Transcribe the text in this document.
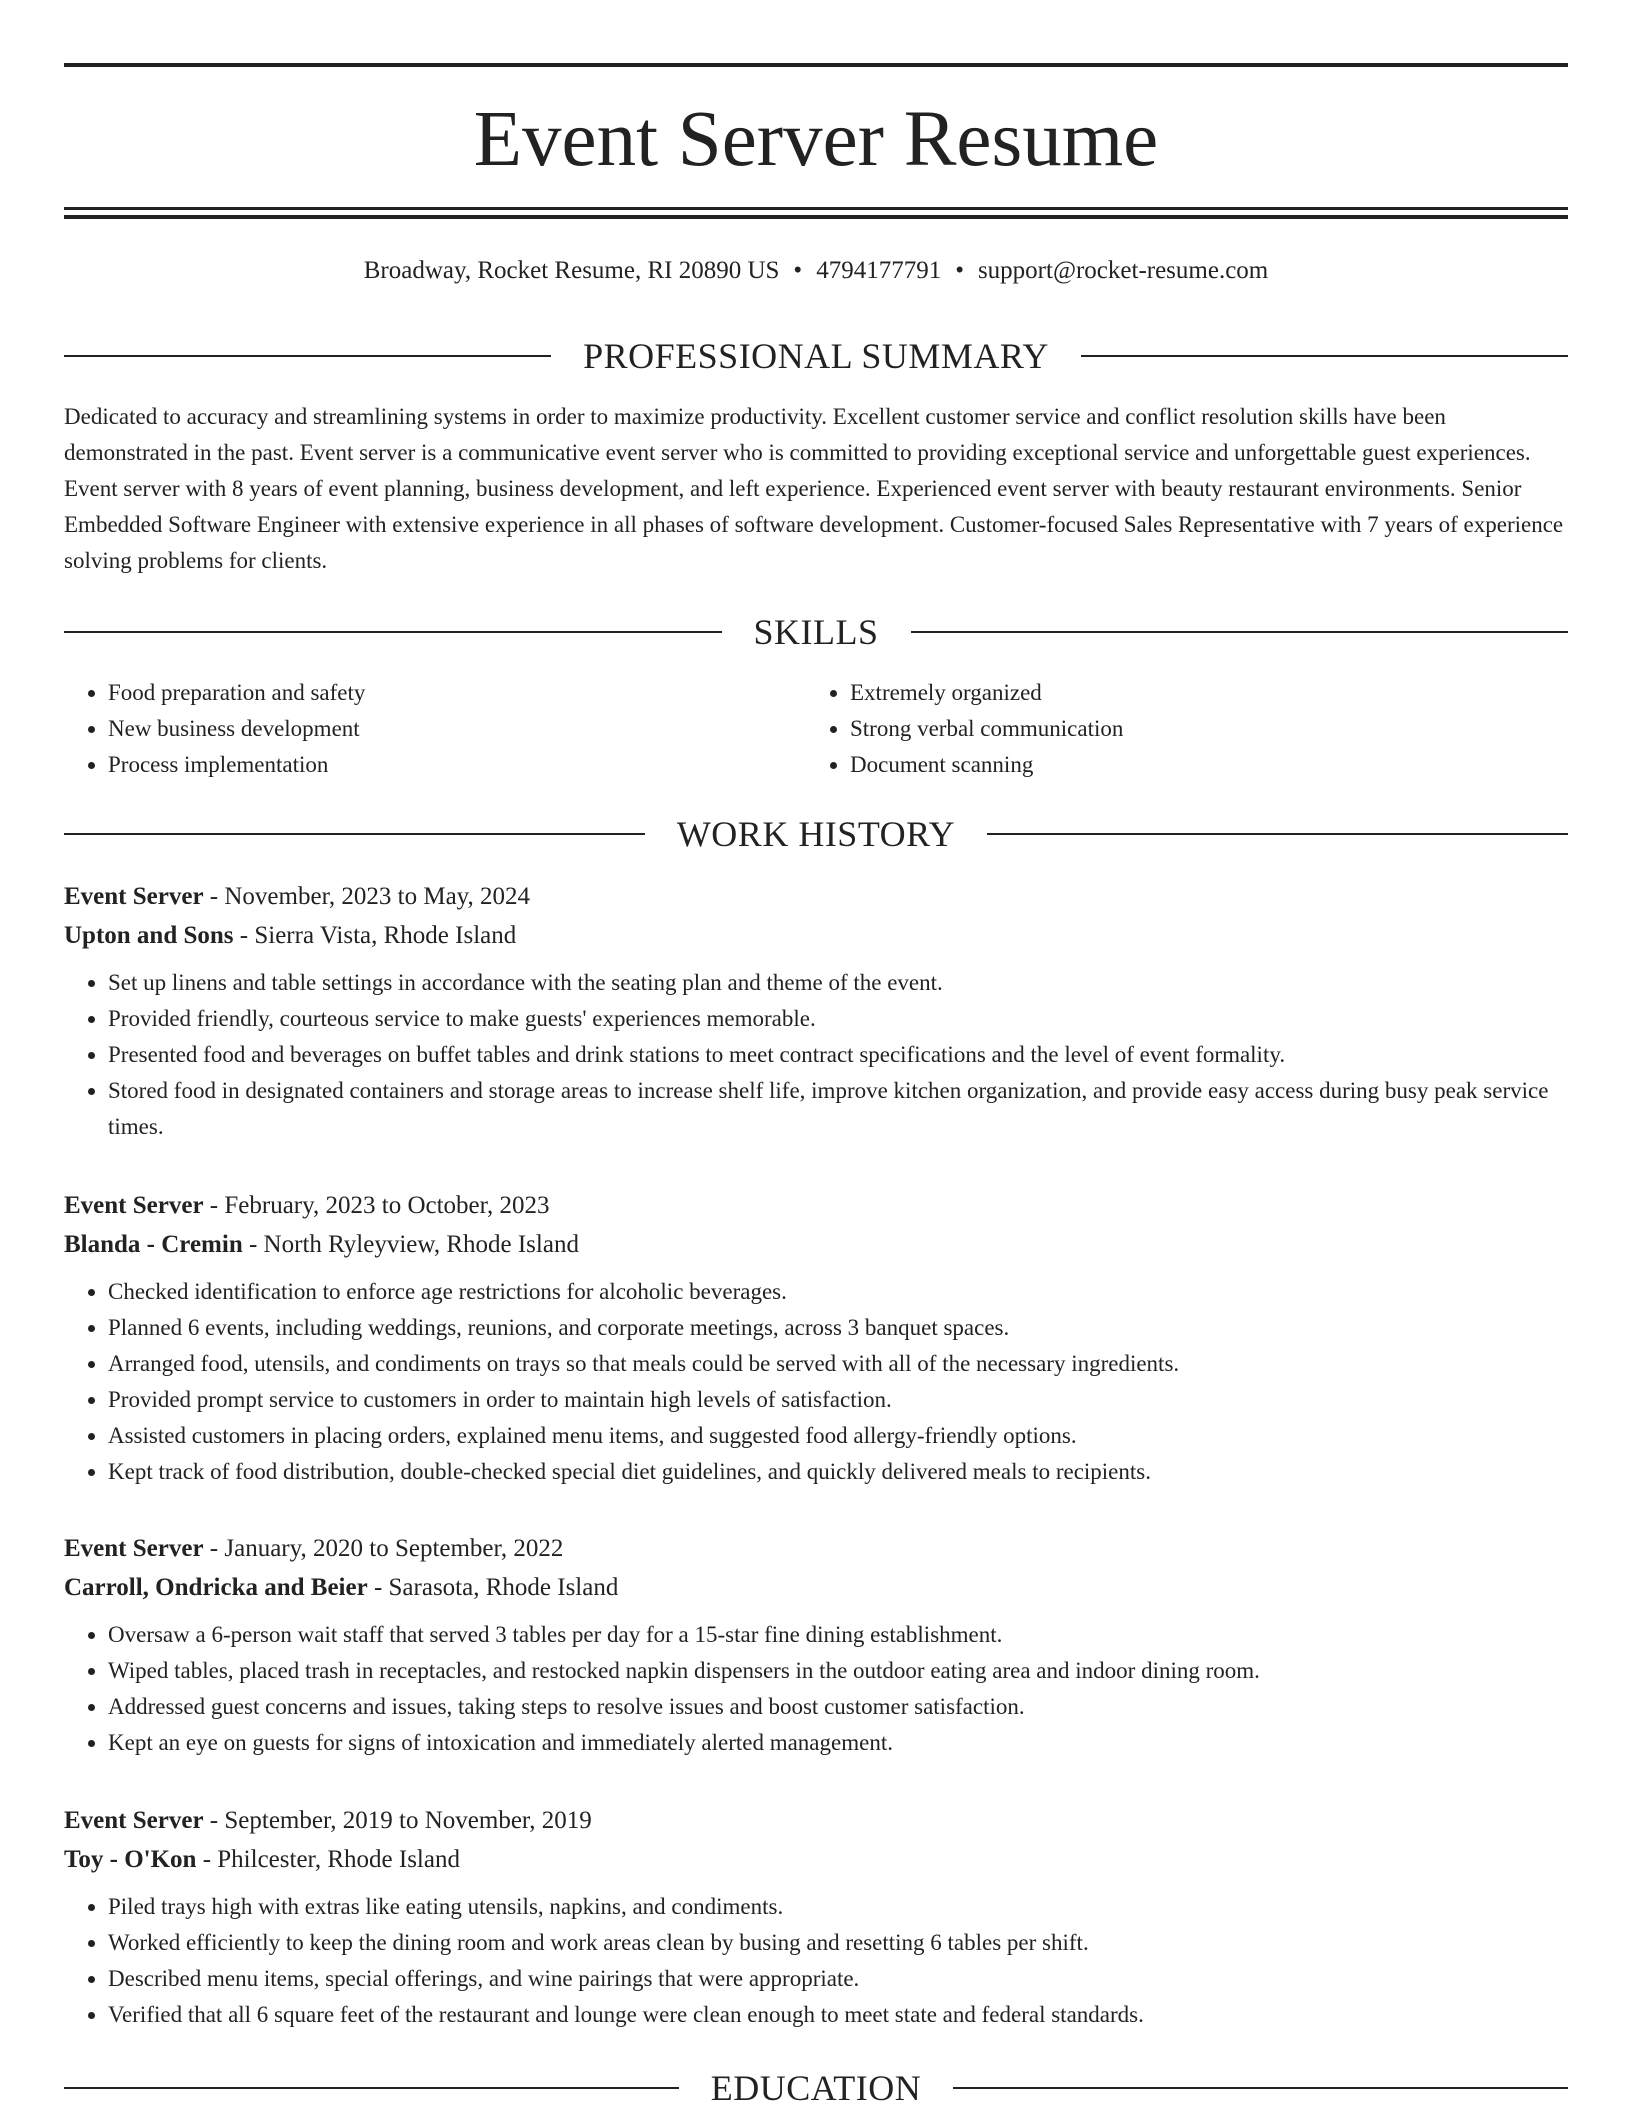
Event Server Resume
Broadway, Rocket Resume, RI 20890 US • 4794177791 • support@rocket-resume.com
PROFESSIONAL SUMMARY

Dedicated to accuracy and streamlining systems in order to maximize productivity. Excellent customer service and conflict resolution skills have been demonstrated in the past. Event server is a communicative event server who is committed to providing exceptional service and unforgettable guest experiences. Event server with 8 years of event planning, business development, and left experience. Experienced event server with beauty restaurant environments. Senior Embedded Software Engineer with extensive experience in all phases of software development. Customer-focused Sales Representative with 7 years of experience solving problems for clients.

SKILLS
• Food preparation and safety
• New business development
• Process implementation
• Extremely organized
• Strong verbal communication
• Document scanning
WORK HISTORY
Event Server - November, 2023 to May, 2024
Upton and Sons - Sierra Vista, Rhode Island
• Set up linens and table settings in accordance with the seating plan and theme of the event.
• Provided friendly, courteous service to make guests' experiences memorable.
• Presented food and beverages on buffet tables and drink stations to meet contract specifications and the level of event formality.
• Stored food in designated containers and storage areas to increase shelf life, improve kitchen organization, and provide easy access during busy peak service times.
Event Server - February, 2023 to October, 2023
Blanda - Cremin - North Ryleyview, Rhode Island
• Checked identification to enforce age restrictions for alcoholic beverages.
• Planned 6 events, including weddings, reunions, and corporate meetings, across 3 banquet spaces.
• Arranged food, utensils, and condiments on trays so that meals could be served with all of the necessary ingredients.
• Provided prompt service to customers in order to maintain high levels of satisfaction.
• Assisted customers in placing orders, explained menu items, and suggested food allergy-friendly options.
• Kept track of food distribution, double-checked special diet guidelines, and quickly delivered meals to recipients.
Event Server - January, 2020 to September, 2022
Carroll, Ondricka and Beier - Sarasota, Rhode Island
• Oversaw a 6-person wait staff that served 3 tables per day for a 15-star fine dining establishment.
• Wiped tables, placed trash in receptacles, and restocked napkin dispensers in the outdoor eating area and indoor dining room.
• Addressed guest concerns and issues, taking steps to resolve issues and boost customer satisfaction.
• Kept an eye on guests for signs of intoxication and immediately alerted management.
Event Server - September, 2019 to November, 2019
Toy - O'Kon - Philcester, Rhode Island
• Piled trays high with extras like eating utensils, napkins, and condiments.
• Worked efficiently to keep the dining room and work areas clean by busing and resetting 6 tables per shift.
• Described menu items, special offerings, and wine pairings that were appropriate.
• Verified that all 6 square feet of the restaurant and lounge were clean enough to meet state and federal standards.
EDUCATION
